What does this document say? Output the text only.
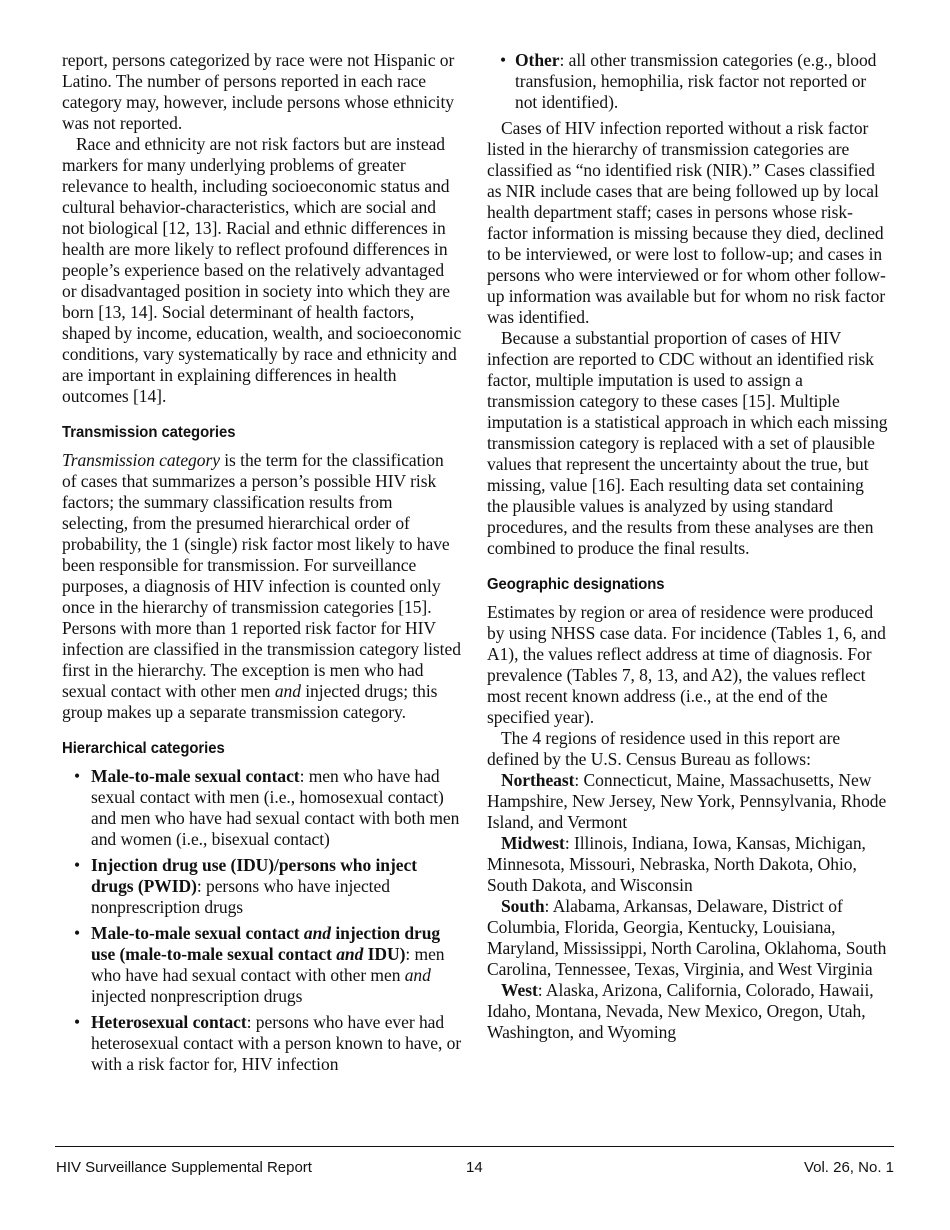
report, persons categorized by race were not Hispanic or Latino. The number of persons reported in each race category may, however, include persons whose ethnicity was not reported.

Race and ethnicity are not risk factors but are instead markers for many underlying problems of greater relevance to health, including socioeconomic status and cultural behavior-characteristics, which are social and not biological [12, 13]. Racial and ethnic differences in health are more likely to reflect profound differences in people’s experience based on the relatively advantaged or disadvantaged position in society into which they are born [13, 14]. Social determinant of health factors, shaped by income, education, wealth, and socioeconomic conditions, vary systematically by race and ethnicity and are important in explaining differences in health outcomes [14].

Transmission categories

Transmission category is the term for the classification of cases that summarizes a person’s possible HIV risk factors; the summary classification results from selecting, from the presumed hierarchical order of probability, the 1 (single) risk factor most likely to have been responsible for transmission. For surveillance purposes, a diagnosis of HIV infection is counted only once in the hierarchy of transmission categories [15]. Persons with more than 1 reported risk factor for HIV infection are classified in the transmission category listed first in the hierarchy. The exception is men who had sexual contact with other men and injected drugs; this group makes up a separate transmission category.

Hierarchical categories
• Male-to-male sexual contact: men who have had sexual contact with men (i.e., homosexual contact) and men who have had sexual contact with both men and women (i.e., bisexual contact)
• Injection drug use (IDU)/persons who inject drugs (PWID): persons who have injected nonprescription drugs
• Male-to-male sexual contact and injection drug use (male-to-male sexual contact and IDU): men who have had sexual contact with other men and injected nonprescription drugs
• Heterosexual contact: persons who have ever had heterosexual contact with a person known to have, or with a risk factor for, HIV infection
• Other: all other transmission categories (e.g., blood transfusion, hemophilia, risk factor not reported or not identified).

Cases of HIV infection reported without a risk factor listed in the hierarchy of transmission categories are classified as “no identified risk (NIR).” Cases classified as NIR include cases that are being followed up by local health department staff; cases in persons whose risk-factor information is missing because they died, declined to be interviewed, or were lost to follow-up; and cases in persons who were interviewed or for whom other follow-up information was available but for whom no risk factor was identified.

Because a substantial proportion of cases of HIV infection are reported to CDC without an identified risk factor, multiple imputation is used to assign a transmission category to these cases [15]. Multiple imputation is a statistical approach in which each missing transmission category is replaced with a set of plausible values that represent the uncertainty about the true, but missing, value [16]. Each resulting data set containing the plausible values is analyzed by using standard procedures, and the results from these analyses are then combined to produce the final results.

Geographic designations

Estimates by region or area of residence were produced by using NHSS case data. For incidence (Tables 1, 6, and A1), the values reflect address at time of diagnosis. For prevalence (Tables 7, 8, 13, and A2), the values reflect most recent known address (i.e., at the end of the specified year).

The 4 regions of residence used in this report are defined by the U.S. Census Bureau as follows:

Northeast: Connecticut, Maine, Massachusetts, New Hampshire, New Jersey, New York, Pennsylvania, Rhode Island, and Vermont

Midwest: Illinois, Indiana, Iowa, Kansas, Michigan, Minnesota, Missouri, Nebraska, North Dakota, Ohio, South Dakota, and Wisconsin

South: Alabama, Arkansas, Delaware, District of Columbia, Florida, Georgia, Kentucky, Louisiana, Maryland, Mississippi, North Carolina, Oklahoma, South Carolina, Tennessee, Texas, Virginia, and West Virginia

West: Alaska, Arizona, California, Colorado, Hawaii, Idaho, Montana, Nevada, New Mexico, Oregon, Utah, Washington, and Wyoming

HIV Surveillance Supplemental Report	14	Vol. 26, No. 1
